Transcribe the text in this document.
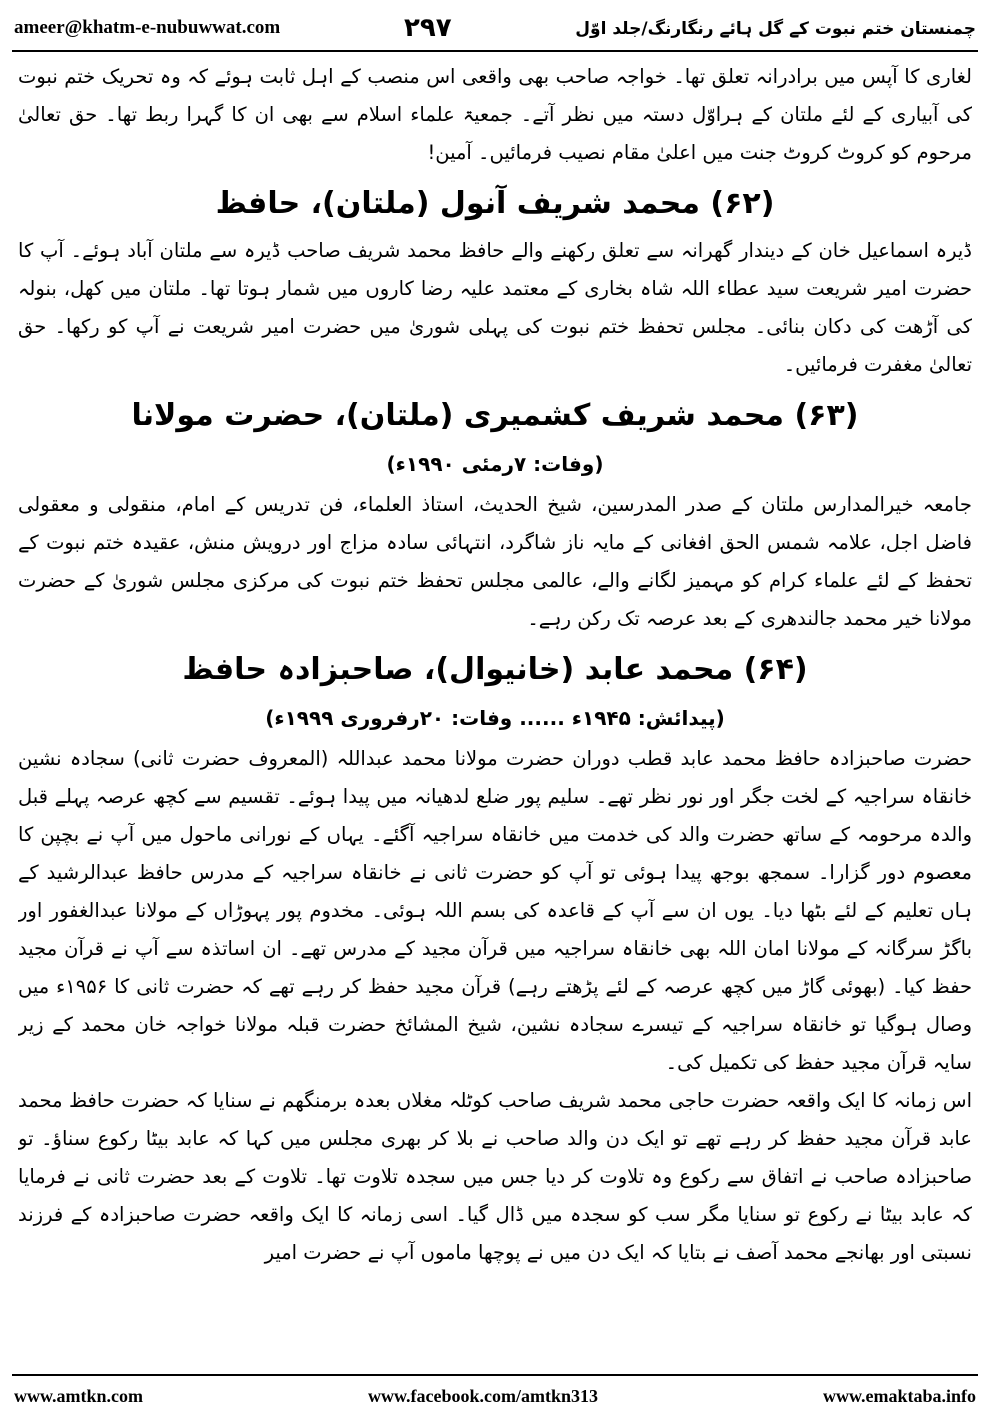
ameer@khatm-e-nubuwwat.com	۲۹۷	چمنستان ختم نبوت کے گل ہائے رنگارنگ/جلد اوّل

لغاری کا آپس میں برادرانہ تعلق تھا۔ خواجہ صاحب بھی واقعی اس منصب کے اہل ثابت ہوئے کہ وہ تحریک ختم نبوت کی آبیاری کے لئے ملتان کے ہراوّل دستہ میں نظر آتے۔ جمعیۃ علماء اسلام سے بھی ان کا گہرا ربط تھا۔ حق تعالیٰ مرحوم کو کروٹ کروٹ جنت میں اعلیٰ مقام نصیب فرمائیں۔ آمین!

(۶۲) محمد شریف آنول (ملتان)، حافظ

ڈیرہ اسماعیل خان کے دیندار گھرانہ سے تعلق رکھنے والے حافظ محمد شریف صاحب ڈیرہ سے ملتان آباد ہوئے۔ آپ کا حضرت امیر شریعت سید عطاء اللہ شاہ بخاری کے معتمد علیہ رضا کاروں میں شمار ہوتا تھا۔ ملتان میں کھل، بنولہ کی آڑھت کی دکان بنائی۔ مجلس تحفظ ختم نبوت کی پہلی شوریٰ میں حضرت امیر شریعت نے آپ کو رکھا۔ حق تعالیٰ مغفرت فرمائیں۔

(۶۳) محمد شریف کشمیری (ملتان)، حضرت مولانا
(وفات: ۷رمئی ۱۹۹۰ء)

جامعہ خیرالمدارس ملتان کے صدر المدرسین، شیخ الحدیث، استاذ العلماء، فن تدریس کے امام، منقولی و معقولی فاضل اجل، علامہ شمس الحق افغانی کے مایہ ناز شاگرد، انتہائی سادہ مزاج اور درویش منش، عقیدہ ختم نبوت کے تحفظ کے لئے علماء کرام کو مہمیز لگانے والے، عالمی مجلس تحفظ ختم نبوت کی مرکزی مجلس شوریٰ کے حضرت مولانا خیر محمد جالندھری کے بعد عرصہ تک رکن رہے۔

(۶۴) محمد عابد (خانیوال)، صاحبزادہ حافظ
(پیدائش: ۱۹۴۵ء ...... وفات: ۲۰رفروری ۱۹۹۹ء)

حضرت صاحبزادہ حافظ محمد عابد قطب دوران حضرت مولانا محمد عبداللہ (المعروف حضرت ثانی) سجادہ نشین خانقاہ سراجیہ کے لخت جگر اور نور نظر تھے۔ سلیم پور ضلع لدھیانہ میں پیدا ہوئے۔ تقسیم سے کچھ عرصہ پہلے قبل والدہ مرحومہ کے ساتھ حضرت والد کی خدمت میں خانقاہ سراجیہ آگئے۔ یہاں کے نورانی ماحول میں آپ نے بچپن کا معصوم دور گزارا۔ سمجھ بوجھ پیدا ہوئی تو آپ کو حضرت ثانی نے خانقاہ سراجیہ کے مدرس حافظ عبدالرشید کے ہاں تعلیم کے لئے بٹھا دیا۔ یوں ان سے آپ کے قاعدہ کی بسم اللہ ہوئی۔ مخدوم پور پہوڑاں کے مولانا عبدالغفور اور باگڑ سرگانہ کے مولانا امان اللہ بھی خانقاہ سراجیہ میں قرآن مجید کے مدرس تھے۔ ان اساتذہ سے آپ نے قرآن مجید حفظ کیا۔ (بھوئی گاڑ میں کچھ عرصہ کے لئے پڑھتے رہے) قرآن مجید حفظ کر رہے تھے کہ حضرت ثانی کا ۱۹۵۶ء میں وصال ہوگیا تو خانقاہ سراجیہ کے تیسرے سجادہ نشین، شیخ المشائخ حضرت قبلہ مولانا خواجہ خان محمد کے زیر سایہ قرآن مجید حفظ کی تکمیل کی۔

اس زمانہ کا ایک واقعہ حضرت حاجی محمد شریف صاحب کوٹلہ مغلاں بعدہ برمنگھم نے سنایا کہ حضرت حافظ محمد عابد قرآن مجید حفظ کر رہے تھے تو ایک دن والد صاحب نے بلا کر بھری مجلس میں کہا کہ عابد بیٹا رکوع سناؤ۔ تو صاحبزادہ صاحب نے اتفاق سے رکوع وہ تلاوت کر دیا جس میں سجدہ تلاوت تھا۔ تلاوت کے بعد حضرت ثانی نے فرمایا کہ عابد بیٹا نے رکوع تو سنایا مگر سب کو سجدہ میں ڈال گیا۔ اسی زمانہ کا ایک واقعہ حضرت صاحبزادہ کے فرزند نسبتی اور بھانجے محمد آصف نے بتایا کہ ایک دن میں نے پوچھا ماموں آپ نے حضرت امیر

www.amtkn.com	www.facebook.com/amtkn313	www.emaktaba.info
